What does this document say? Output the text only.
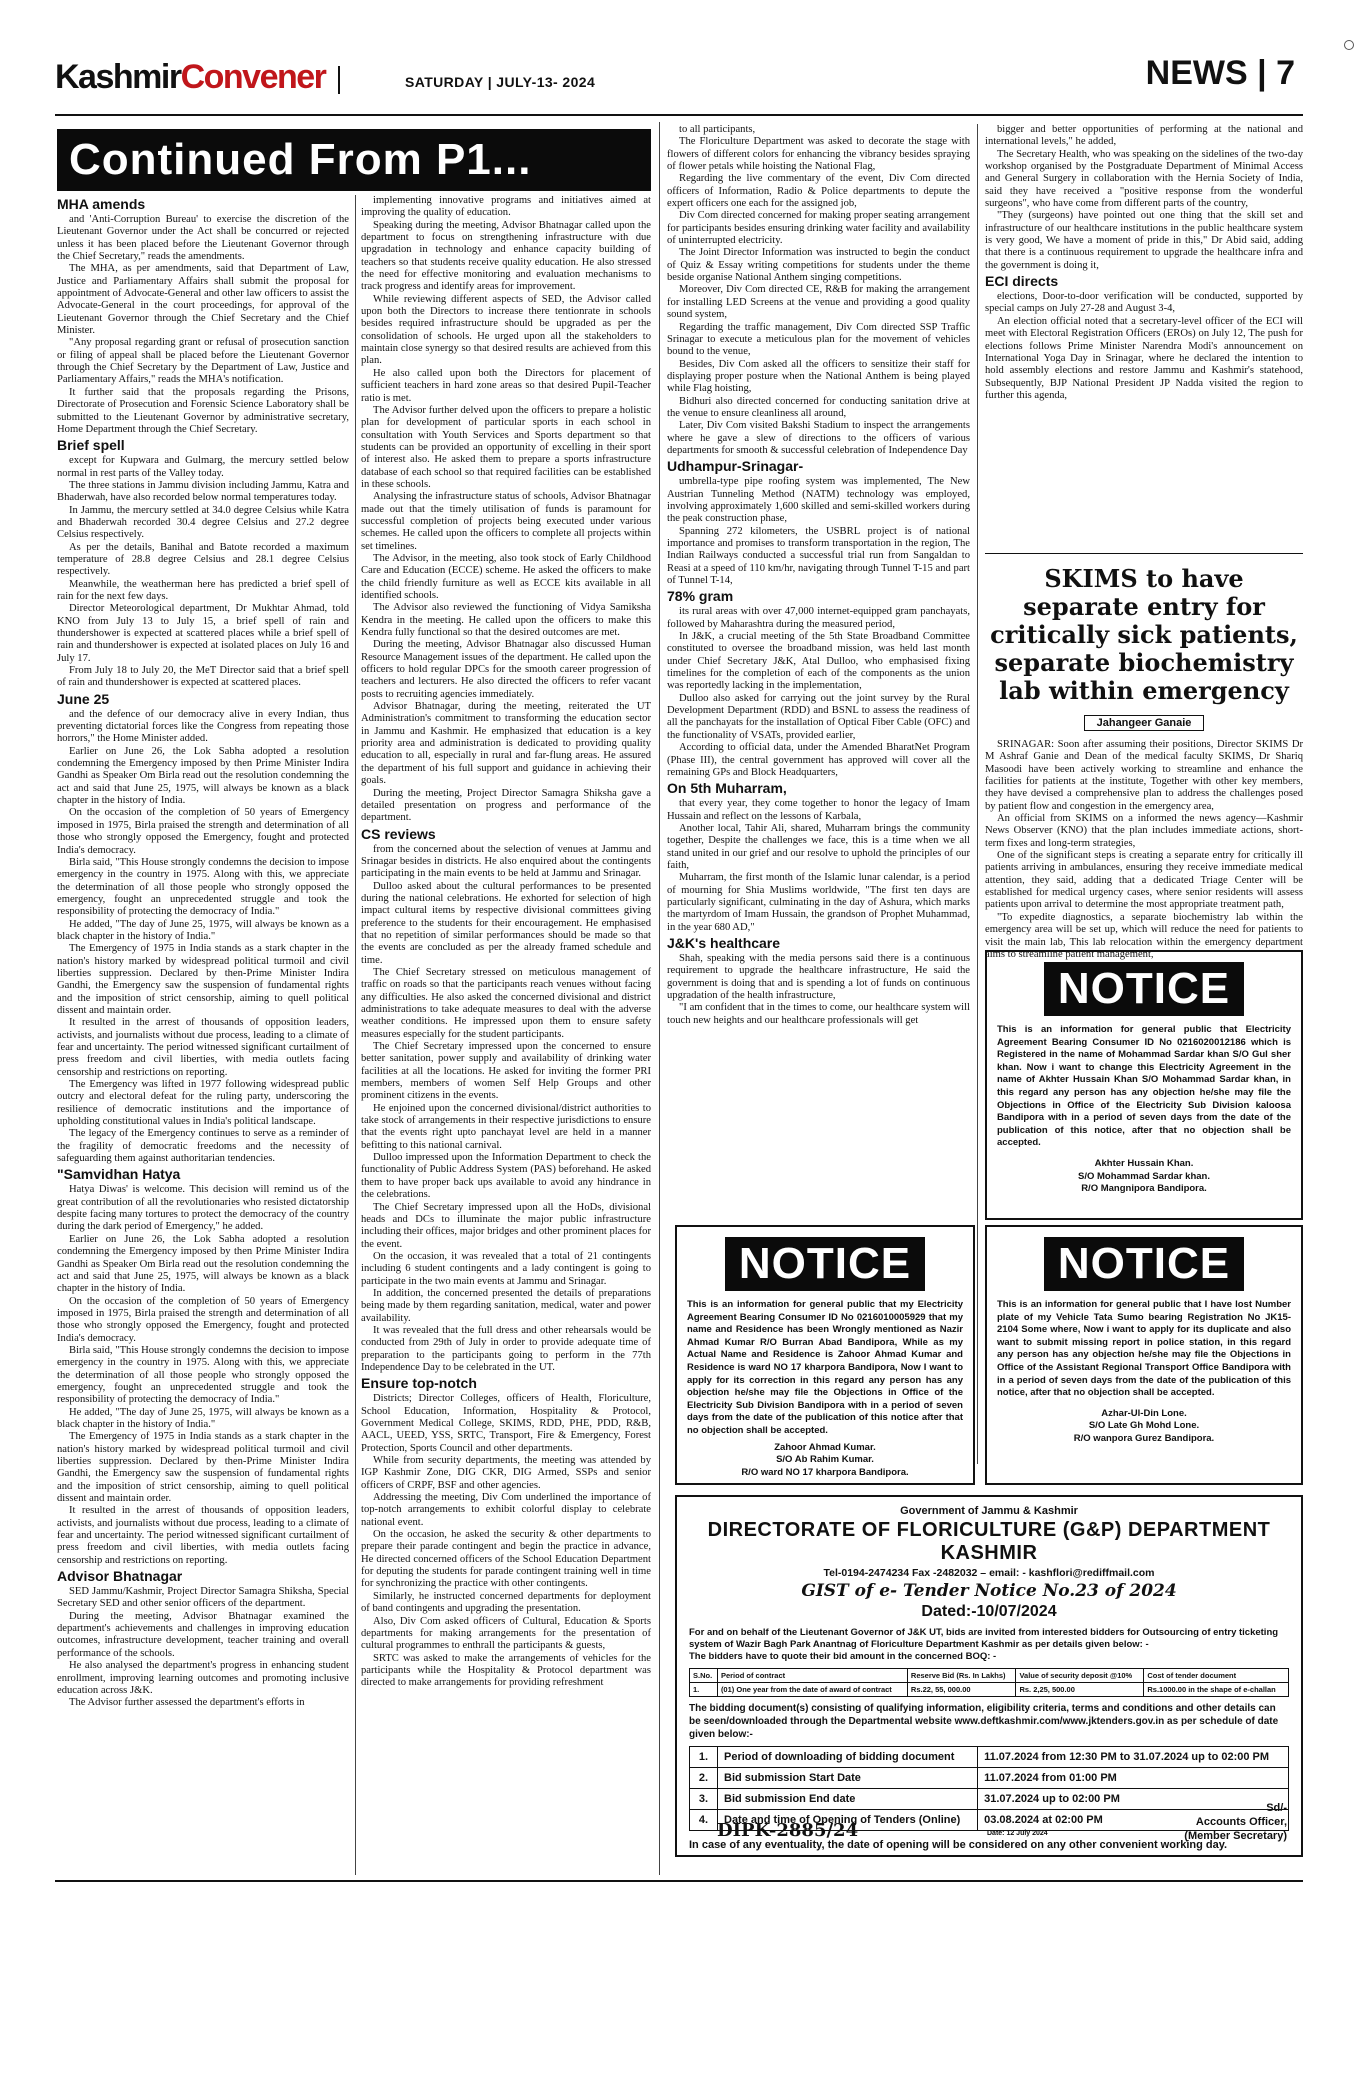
KashmirConvener	SATURDAY | JULY-13- 2024	NEWS | 7
Continued From P1...
MHA amends

and 'Anti-Corruption Bureau' to exercise the discretion of the Lieutenant Governor under the Act shall be concurred or rejected unless it has been placed before the Lieutenant Governor through the Chief Secretary," reads the amendments.

The MHA, as per amendments, said that Department of Law, Justice and Parliamentary Affairs shall submit the proposal for appointment of Advocate-General and other law officers to assist the Advocate-General in the court proceedings, for approval of the Lieutenant Governor through the Chief Secretary and the Chief Minister.

"Any proposal regarding grant or refusal of prosecution sanction or filing of appeal shall be placed before the Lieutenant Governor through the Chief Secretary by the Department of Law, Justice and Parliamentary Affairs," reads the MHA's notification.

It further said that the proposals regarding the Prisons, Directorate of Prosecution and Forensic Science Laboratory shall be submitted to the Lieutenant Governor by administrative secretary, Home Department through the Chief Secretary.

Brief spell

except for Kupwara and Gulmarg, the mercury settled below normal in rest parts of the Valley today.

The three stations in Jammu division including Jammu, Katra and Bhaderwah, have also recorded below normal temperatures today.

In Jammu, the mercury settled at 34.0 degree Celsius while Katra and Bhaderwah recorded 30.4 degree Celsius and 27.2 degree Celsius respectively.

As per the details, Banihal and Batote recorded a maximum temperature of 28.8 degree Celsius and 28.1 degree Celsius respectively.

Meanwhile, the weatherman here has predicted a brief spell of rain for the next few days.

Director Meteorological department, Dr Mukhtar Ahmad, told KNO from July 13 to July 15, a brief spell of rain and thundershower is expected at scattered places while a brief spell of rain and thundershower is expected at isolated places on July 16 and July 17.

From July 18 to July 20, the MeT Director said that a brief spell of rain and thundershower is expected at scattered places.

June 25

and the defence of our democracy alive in every Indian, thus preventing dictatorial forces like the Congress from repeating those horrors," the Home Minister added.

Earlier on June 26, the Lok Sabha adopted a resolution condemning the Emergency imposed by then Prime Minister Indira Gandhi as Speaker Om Birla read out the resolution condemning the act and said that June 25, 1975, will always be known as a black chapter in the history of India.

On the occasion of the completion of 50 years of Emergency imposed in 1975, Birla praised the strength and determination of all those who strongly opposed the Emergency, fought and protected India's democracy.

Birla said, "This House strongly condemns the decision to impose emergency in the country in 1975. Along with this, we appreciate the determination of all those people who strongly opposed the emergency, fought an unprecedented struggle and took the responsibility of protecting the democracy of India."

He added, "The day of June 25, 1975, will always be known as a black chapter in the history of India."

The Emergency of 1975 in India stands as a stark chapter in the nation's history marked by widespread political turmoil and civil liberties suppression. Declared by then-Prime Minister Indira Gandhi, the Emergency saw the suspension of fundamental rights and the imposition of strict censorship, aiming to quell political dissent and maintain order.

It resulted in the arrest of thousands of opposition leaders, activists, and journalists without due process, leading to a climate of fear and uncertainty. The period witnessed significant curtailment of press freedom and civil liberties, with media outlets facing censorship and restrictions on reporting.

The Emergency was lifted in 1977 following widespread public outcry and electoral defeat for the ruling party, underscoring the resilience of democratic institutions and the importance of upholding constitutional values in India's political landscape.

The legacy of the Emergency continues to serve as a reminder of the fragility of democratic freedoms and the necessity of safeguarding them against authoritarian tendencies.

"Samvidhan Hatya

Hatya Diwas' is welcome. This decision will remind us of the great contribution of all the revolutionaries who resisted dictatorship despite facing many tortures to protect the democracy of the country during the dark period of Emergency," he added.

Earlier on June 26, the Lok Sabha adopted a resolution condemning the Emergency imposed by then Prime Minister Indira Gandhi as Speaker Om Birla read out the resolution condemning the act and said that June 25, 1975, will always be known as a black chapter in the history of India.

On the occasion of the completion of 50 years of Emergency imposed in 1975, Birla praised the strength and determination of all those who strongly opposed the Emergency, fought and protected India's democracy.

Birla said, "This House strongly condemns the decision to impose emergency in the country in 1975. Along with this, we appreciate the determination of all those people who strongly opposed the emergency, fought an unprecedented struggle and took the responsibility of protecting the democracy of India."

He added, "The day of June 25, 1975, will always be known as a black chapter in the history of India."

The Emergency of 1975 in India stands as a stark chapter in the nation's history marked by widespread political turmoil and civil liberties suppression. Declared by then-Prime Minister Indira Gandhi, the Emergency saw the suspension of fundamental rights and the imposition of strict censorship, aiming to quell political dissent and maintain order.

It resulted in the arrest of thousands of opposition leaders, activists, and journalists without due process, leading to a climate of fear and uncertainty. The period witnessed significant curtailment of press freedom and civil liberties, with media outlets facing censorship and restrictions on reporting.

Advisor Bhatnagar

SED Jammu/Kashmir, Project Director Samagra Shiksha, Special Secretary SED and other senior officers of the department.

During the meeting, Advisor Bhatnagar examined the department's achievements and challenges in improving education outcomes, infrastructure development, teacher training and overall performance of the schools.

He also analysed the department's progress in enhancing student enrollment, improving learning outcomes and promoting inclusive education across J&K.

The Advisor further assessed the department's efforts in

implementing innovative programs and initiatives aimed at improving the quality of education.

Speaking during the meeting, Advisor Bhatnagar called upon the department to focus on strengthening infrastructure with due upgradation in technology and enhance capacity building of teachers so that students receive quality education. He also stressed the need for effective monitoring and evaluation mechanisms to track progress and identify areas for improvement.

While reviewing different aspects of SED, the Advisor called upon both the Directors to increase there tentionrate in schools besides required infrastructure should be upgraded as per the consolidation of schools. He urged upon all the stakeholders to maintain close synergy so that desired results are achieved from this plan.

He also called upon both the Directors for placement of sufficient teachers in hard zone areas so that desired Pupil-Teacher ratio is met.

The Advisor further delved upon the officers to prepare a holistic plan for development of particular sports in each school in consultation with Youth Services and Sports department so that students can be provided an opportunity of excelling in their sport of interest also. He asked them to prepare a sports infrastructure database of each school so that required facilities can be established in these schools.

Analysing the infrastructure status of schools, Advisor Bhatnagar made out that the timely utilisation of funds is paramount for successful completion of projects being executed under various schemes. He called upon the officers to complete all projects within set timelines.

The Advisor, in the meeting, also took stock of Early Childhood Care and Education (ECCE) scheme. He asked the officers to make the child friendly furniture as well as ECCE kits available in all identified schools.

The Advisor also reviewed the functioning of Vidya Samiksha Kendra in the meeting. He called upon the officers to make this Kendra fully functional so that the desired outcomes are met.

During the meeting, Advisor Bhatnagar also discussed Human Resource Management issues of the department. He called upon the officers to hold regular DPCs for the smooth career progression of teachers and lecturers. He also directed the officers to refer vacant posts to recruiting agencies immediately.

Advisor Bhatnagar, during the meeting, reiterated the UT Administration's commitment to transforming the education sector in Jammu and Kashmir. He emphasized that education is a key priority area and administration is dedicated to providing quality education to all, especially in rural and far-flung areas. He assured the department of his full support and guidance in achieving their goals.

During the meeting, Project Director Samagra Shiksha gave a detailed presentation on progress and performance of the department.

CS reviews

from the concerned about the selection of venues at Jammu and Srinagar besides in districts. He also enquired about the contingents participating in the main events to be held at Jammu and Srinagar.

Dulloo asked about the cultural performances to be presented during the national celebrations. He exhorted for selection of high impact cultural items by respective divisional committees giving preference to the students for their encouragement. He emphasised that no repetition of similar performances should be made so that the events are concluded as per the already framed schedule and time.

The Chief Secretary stressed on meticulous management of traffic on roads so that the participants reach venues without facing any difficulties. He also asked the concerned divisional and district administrations to take adequate measures to deal with the adverse weather conditions. He impressed upon them to ensure safety measures especially for the student participants.

The Chief Secretary impressed upon the concerned to ensure better sanitation, power supply and availability of drinking water facilities at all the locations. He asked for inviting the former PRI members, members of women Self Help Groups and other prominent citizens in the events.

He enjoined upon the concerned divisional/district authorities to take stock of arrangements in their respective jurisdictions to ensure that the events right upto panchayat level are held in a manner befitting to this national carnival.

Dulloo impressed upon the Information Department to check the functionality of Public Address System (PAS) beforehand. He asked them to have proper back ups available to avoid any hindrance in the celebrations.

The Chief Secretary impressed upon all the HoDs, divisional heads and DCs to illuminate the major public infrastructure including their offices, major bridges and other prominent places for the event.

On the occasion, it was revealed that a total of 21 contingents including 6 student contingents and a lady contingent is going to participate in the two main events at Jammu and Srinagar.

In addition, the concerned presented the details of preparations being made by them regarding sanitation, medical, water and power availability.

It was revealed that the full dress and other rehearsals would be conducted from 29th of July in order to provide adequate time of preparation to the participants going to perform in the 77th Independence Day to be celebrated in the UT.

Ensure top-notch

Districts; Director Colleges, officers of Health, Floriculture, School Education, Information, Hospitality & Protocol, Government Medical College, SKIMS, RDD, PHE, PDD, R&B, AACL, UEED, YSS, SRTC, Transport, Fire & Emergency, Forest Protection, Sports Council and other departments.

While from security departments, the meeting was attended by IGP Kashmir Zone, DIG CKR, DIG Armed, SSPs and senior officers of CRPF, BSF and other agencies.

Addressing the meeting, Div Com underlined the importance of top-notch arrangements to exhibit colorful display to celebrate national event.

On the occasion, he asked the security & other departments to prepare their parade contingent and begin the practice in advance, He directed concerned officers of the School Education Department for deputing the students for parade contingent training well in time for synchronizing the practice with other contingents.

Similarly, he instructed concerned departments for deployment of band contingents and upgrading the presentation.

Also, Div Com asked officers of Cultural, Education & Sports departments for making arrangements for the presentation of cultural programmes to enthrall the participants & guests,

SRTC was asked to make the arrangements of vehicles for the participants while the Hospitality & Protocol department was directed to make arrangements for providing refreshment

to all participants,

The Floriculture Department was asked to decorate the stage with flowers of different colors for enhancing the vibrancy besides spraying of flower petals while hoisting the National Flag,

Regarding the live commentary of the event, Div Com directed officers of Information, Radio & Police departments to depute the expert officers one each for the assigned job,

Div Com directed concerned for making proper seating arrangement for participants besides ensuring drinking water facility and availability of uninterrupted electricity.

The Joint Director Information was instructed to begin the conduct of Quiz & Essay writing competitions for students under the theme beside organise National Anthem singing competitions.

Moreover, Div Com directed CE, R&B for making the arrangement for installing LED Screens at the venue and providing a good quality sound system,

Regarding the traffic management, Div Com directed SSP Traffic Srinagar to execute a meticulous plan for the movement of vehicles bound to the venue,

Besides, Div Com asked all the officers to sensitize their staff for displaying proper posture when the National Anthem is being played while Flag hoisting,

Bidhuri also directed concerned for conducting sanitation drive at the venue to ensure cleanliness all around,

Later, Div Com visited Bakshi Stadium to inspect the arrangements where he gave a slew of directions to the officers of various departments for smooth & successful celebration of Independence Day

Udhampur-Srinagar-

umbrella-type pipe roofing system was implemented, The New Austrian Tunneling Method (NATM) technology was employed, involving approximately 1,600 skilled and semi-skilled workers during the peak construction phase,

Spanning 272 kilometers, the USBRL project is of national importance and promises to transform transportation in the region, The Indian Railways conducted a successful trial run from Sangaldan to Reasi at a speed of 110 km/hr, navigating through Tunnel T-15 and part of Tunnel T-14,

78% gram

its rural areas with over 47,000 internet-equipped gram panchayats, followed by Maharashtra during the measured period,

In J&K, a crucial meeting of the 5th State Broadband Committee constituted to oversee the broadband mission, was held last month under Chief Secretary J&K, Atal Dulloo, who emphasised fixing timelines for the completion of each of the components as the union was reportedly lacking in the implementation,

Dulloo also asked for carrying out the joint survey by the Rural Development Department (RDD) and BSNL to assess the readiness of all the panchayats for the installation of Optical Fiber Cable (OFC) and the functionality of VSATs, provided earlier,

According to official data, under the Amended BharatNet Program (Phase III), the central government has approved will cover all the remaining GPs and Block Headquarters,

On 5th Muharram,

that every year, they come together to honor the legacy of Imam Hussain and reflect on the lessons of Karbala,

Another local, Tahir Ali, shared, Muharram brings the community together, Despite the challenges we face, this is a time when we all stand united in our grief and our resolve to uphold the principles of our faith,

Muharram, the first month of the Islamic lunar calendar, is a period of mourning for Shia Muslims worldwide, "The first ten days are particularly significant, culminating in the day of Ashura, which marks the martyrdom of Imam Hussain, the grandson of Prophet Muhammad, in the year 680 AD,"

J&K's healthcare

Shah, speaking with the media persons said there is a continuous requirement to upgrade the healthcare infrastructure, He said the government is doing that and is spending a lot of funds on continuous upgradation of the health infrastructure,

"I am confident that in the times to come, our healthcare system will touch new heights and our healthcare professionals will get

bigger and better opportunities of performing at the national and international levels," he added,

The Secretary Health, who was speaking on the sidelines of the two-day workshop organised by the Postgraduate Department of Minimal Access and General Surgery in collaboration with the Hernia Society of India, said they have received a "positive response from the wonderful surgeons", who have come from different parts of the country,

"They (surgeons) have pointed out one thing that the skill set and infrastructure of our healthcare institutions in the public healthcare system is very good, We have a moment of pride in this," Dr Abid said, adding that there is a continuous requirement to upgrade the healthcare infra and the government is doing it,

ECI directs

elections, Door-to-door verification will be conducted, supported by special camps on July 27-28 and August 3-4,

An election official noted that a secretary-level officer of the ECI will meet with Electoral Registration Officers (EROs) on July 12, The push for elections follows Prime Minister Narendra Modi's announcement on International Yoga Day in Srinagar, where he declared the intention to hold assembly elections and restore Jammu and Kashmir's statehood, Subsequently, BJP National President JP Nadda visited the region to further this agenda,

SKIMS to have separate entry for critically sick patients, separate biochemistry lab within emergency
Jahangeer Ganaie

SRINAGAR: Soon after assuming their positions, Director SKIMS Dr M Ashraf Ganie and Dean of the medical faculty SKIMS, Dr Shariq Masoodi have been actively working to streamline and enhance the facilities for patients at the institute, Together with other key members, they have devised a comprehensive plan to address the challenges posed by patient flow and congestion in the emergency area,

An official from SKIMS on a informed the news agency—Kashmir News Observer (KNO) that the plan includes immediate actions, short-term fixes and long-term strategies,

One of the significant steps is creating a separate entry for critically ill patients arriving in ambulances, ensuring they receive immediate medical attention, they said, adding that a dedicated Triage Center will be established for medical urgency cases, where senior residents will assess patients upon arrival to determine the most appropriate treatment path,

"To expedite diagnostics, a separate biochemistry lab within the emergency area will be set up, which will reduce the need for patients to visit the main lab, This lab relocation within the emergency department aims to streamline patient management,

NOTICE
This is an information for general public that Electricity Agreement Bearing Consumer ID No 0216020012186 which is Registered in the name of Mohammad Sardar khan S/O Gul sher khan. Now i want to change this Electricity Agreement in the name of Akhter Hussain Khan S/O Mohammad Sardar khan, in this regard any person has any objection he/she may file the Objections in Office of the Electricity Sub Division kaloosa Bandipora with in a period of seven days from the date of the publication of this notice, after that no objection shall be accepted.
Akhter Hussain Khan.
S/O Mohammad Sardar khan.
R/O Mangnipora Bandipora.
NOTICE
This is an information for general public that my Electricity Agreement Bearing Consumer ID No 0216010005929 that my name and Residence has been Wrongly mentioned as Nazir Ahmad Kumar R/O Burran Abad Bandipora, While as my Actual Name and Residence is Zahoor Ahmad Kumar and Residence is ward NO 17 kharpora Bandipora, Now I want to apply for its correction in this regard any person has any objection he/she may file the Objections in Office of the Electricity Sub Division Bandipora with in a period of seven days from the date of the publication of this notice after that no objection shall be accepted.
Zahoor Ahmad Kumar.
S/O Ab Rahim Kumar.
R/O ward NO 17 kharpora Bandipora.
NOTICE
This is an information for general public that I have lost Number plate of my Vehicle Tata Sumo bearing Registration No JK15-2104 Some where, Now i want to apply for its duplicate and also want to submit missing report in police station, in this regard any person has any objection he/she may file the Objections in Office of the Assistant Regional Transport Office Bandipora with in a period of seven days from the date of the publication of this notice, after that no objection shall be accepted.
Azhar-Ul-Din Lone.
S/O Late Gh Mohd Lone.
R/O wanpora Gurez Bandipora.
Government of Jammu & Kashmir
DIRECTORATE OF FLORICULTURE (G&P) DEPARTMENT KASHMIR
Tel-0194-2474234 Fax -2482032 – email: - kashflori@rediffmail.com
GIST of e- Tender Notice No.23 of 2024
Dated:-10/07/2024
For and on behalf of the Lieutenant Governor of J&K UT, bids are invited from interested bidders for Outsourcing of entry ticketing system of Wazir Bagh Park Anantnag of Floriculture Department Kashmir as per details given below: -
The bidders have to quote their bid amount in the concerned BOQ: -
S.No.	Period of contract	Reserve Bid (Rs. In Lakhs)	Value of security deposit @10%	Cost of tender document
1.	(01) One year from the date of award of contract	Rs.22, 55, 000.00	Rs. 2,25, 500.00	Rs.1000.00 in the shape of e-challan
The bidding document(s) consisting of qualifying information, eligibility criteria, terms and conditions and other details can be seen/downloaded through the Departmental website www.deftkashmir.com/www.jktenders.gov.in as per schedule of date given below:-
1.	Period of downloading of bidding document	11.07.2024 from 12:30 PM to 31.07.2024 up to 02:00 PM
2.	Bid submission Start Date	11.07.2024 from 01:00 PM
3.	Bid submission End date	31.07.2024 up to 02:00 PM
4.	Date and time of Opening of Tenders (Online)	03.08.2024 at 02:00 PM
In case of any eventuality, the date of opening will be considered on any other convenient working day.
DIPK-2885/24	Date: 12 July 2024
Sd/-
Accounts Officer,
(Member Secretary)
